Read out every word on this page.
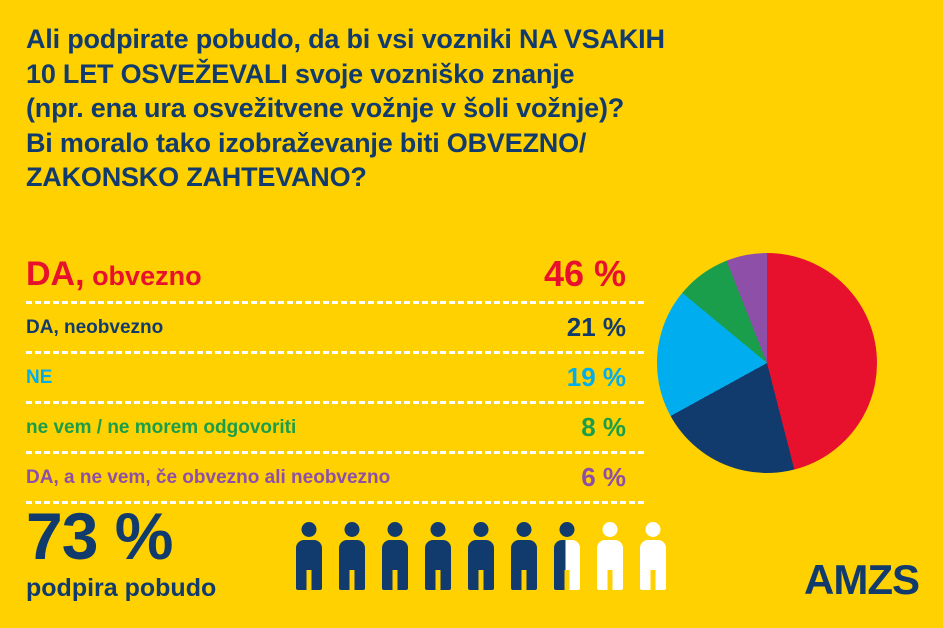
Ali podpirate pobudo, da bi vsi vozniki NA VSAKIH
10 LET OSVEŽEVALI svoje vozniško znanje
(npr. ena ura osvežitvene vožnje v šoli vožnje)?
Bi moralo tako izobraževanje biti OBVEZNO/
ZAKONSKO ZAHTEVANO?
DA, obvezno	46 %
DA, neobvezno	21 %
NE	19 %
ne vem / ne morem odgovoriti	8 %
DA, a ne vem, če obvezno ali neobvezno	6 %
73 %
podpira pobudo	AMZS
